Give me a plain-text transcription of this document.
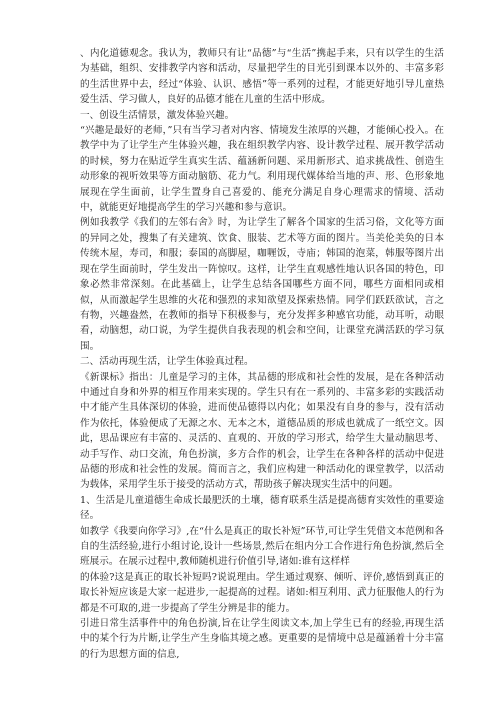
、内化道德观念。我认为，教师只有让“品德”与“生活”携起手来，只有以学生的生活为基础，组织、安排教学内容和活动，尽量把学生的目光引到课本以外的、丰富多彩的生活世界中去，经过“体验、认识、感悟”等一系列的过程，才能更好地引导儿童热爱生活、学习做人，良好的品德才能在儿童的生活中形成。

一、创设生活情景，激发体验兴趣。

“兴趣是最好的老师，”只有当学习者对内容、情境发生浓厚的兴趣，才能倾心投入。在教学中为了让学生产生体验兴趣，我在组织教学内容、设计教学过程、展开教学活动的时候，努力在贴近学生真实生活、蕴涵新问题、采用新形式、追求挑战性、创造生动形象的视听效果等方面动脑筋、花力气。利用现代媒体给当地的声、形、色形象地展现在学生面前，让学生置身自己喜爱的、能充分满足自身心理需求的情境、活动中，就能更好地提高学生的学习兴趣和参与意识。

例如我教学《我们的左邻右舍》时，为让学生了解各个国家的生活习俗，文化等方面的异同之处，搜集了有关建筑、饮食、服装、艺术等方面的图片。当美伦美奂的日本传统木屋，寿司，和服；泰国的高脚屋，咖喱饭，寺庙；韩国的泡菜，韩服等图片出现在学生面前时，学生发出一阵惊叹。这样，让学生直观感性地认识各国的特色，印象必然非常深刻。在此基础上，让学生总结各国哪些方面不同，哪些方面相同或相似，从而激起学生思维的火花和强烈的求知欲望及探索热情。同学们跃跃欲试，言之有物，兴趣盎然，在教师的指导下积极参与，充分发挥多种感官功能，动耳听，动眼看，动脑想，动口说，为学生提供自我表现的机会和空间，让课堂充满活跃的学习氛围。

二、活动再现生活，让学生体验真过程。

《新课标》指出：儿童是学习的主体，其品德的形成和社会性的发展，是在各种活动中通过自身和外界的相互作用来实现的。学生只有在一系列的、丰富多彩的实践活动中才能产生具体深切的体验，进而使品德得以内化；如果没有自身的参与，没有活动作为依托，体验便成了无源之水、无本之木，道德品质的形成也就成了一纸空文。因此，思品课应有丰富的、灵活的、直观的、开放的学习形式，给学生大量动脑思考、动手写作、动口交流，角色扮演，多方合作的机会，让学生在各种各样的活动中促进品德的形成和社会性的发展。简而言之，我们应构建一种活动化的课堂教学，以活动为载体，采用学生乐于接受的活动方式，帮助孩子解决现实生活中的问题。

1、生活是儿童道德生命成长最肥沃的土壤，德育联系生活是提高德育实效性的重要途径。

如教学《我要向你学习》,在“什么是真正的取长补短”环节,可让学生凭借文本范例和各自的生活经验,进行小组讨论,设计一些场景,然后在组内分工合作进行角色扮演,然后全班展示。在展示过程中,教师随机进行价值引导,诸如:谁有这样样

的体验?这是真正的取长补短吗?说说理由。学生通过观察、倾听、评价,感悟到真正的取长补短应该是大家一起进步,一起提高的过程。诸如:相互利用、武力征服他人的行为都是不可取的,进一步提高了学生分辨是非的能力。

引进日常生活事件中的角色扮演,旨在让学生阅读文本,加上学生已有的经验,再现生活中的某个行为片断,让学生产生身临其境之感。更重要的是情境中总是蕴涵着十分丰富的行为思想方面的信息,
